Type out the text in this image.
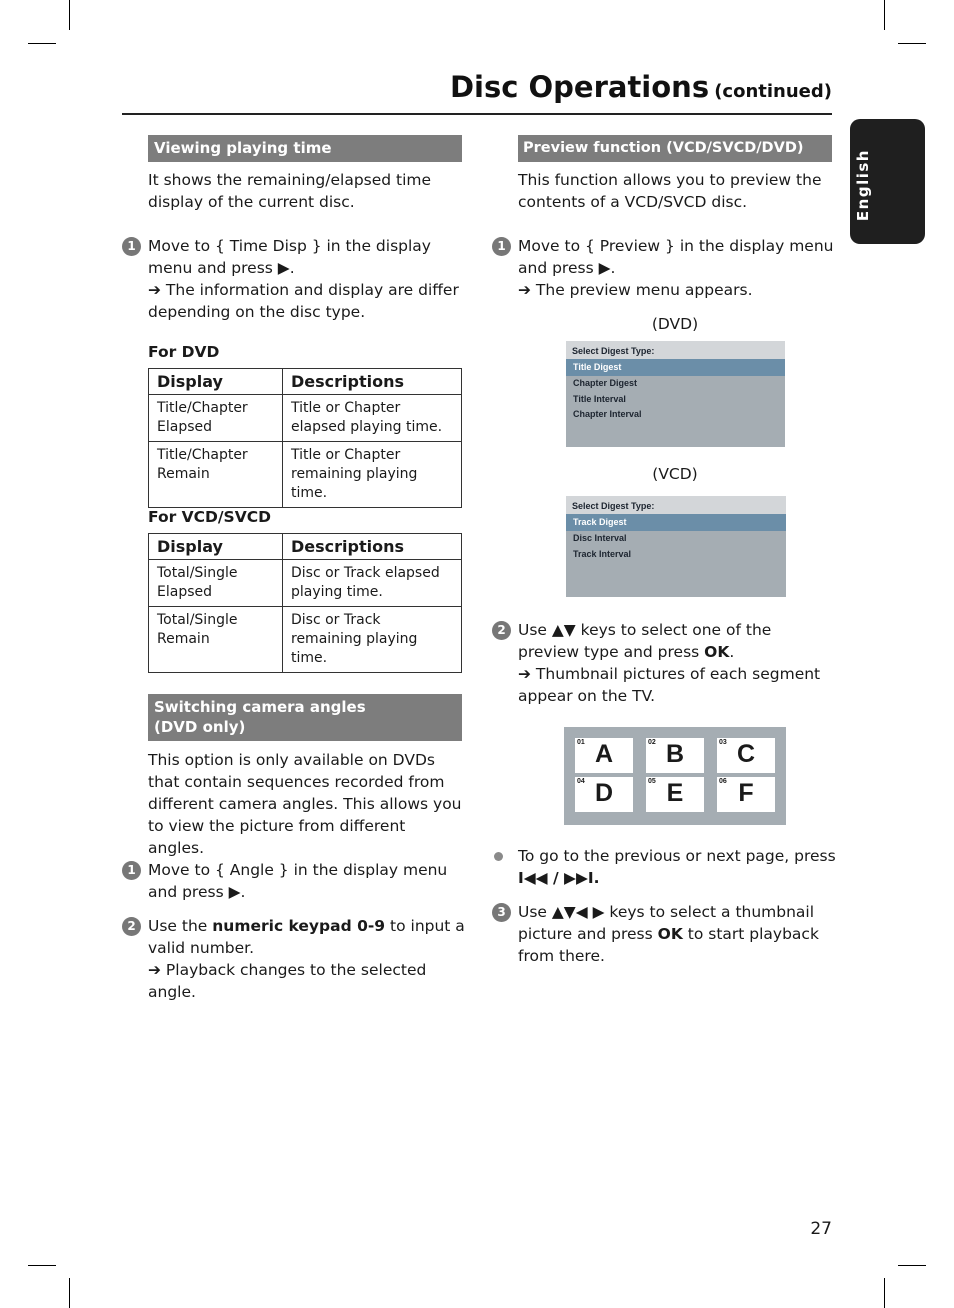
Disc Operations (continued)
English
Viewing playing time
It shows the remaining/elapsed time display of the current disc.
1 Move to { Time Disp } in the display menu and press ▶.
➔ The information and display are differ depending on the disc type.
For DVD
Display	Descriptions
Title/Chapter Elapsed	Title or Chapter elapsed playing time.
Title/Chapter Remain	Title or Chapter remaining playing time.
For VCD/SVCD
Display	Descriptions
Total/Single Elapsed	Disc or Track elapsed playing time.
Total/Single Remain	Disc or Track remaining playing time.
Switching camera angles
(DVD only)
This option is only available on DVDs that contain sequences recorded from different camera angles. This allows you to view the picture from different angles.
1 Move to { Angle } in the display menu and press ▶.
2 Use the numeric keypad 0-9 to input a valid number.
➔ Playback changes to the selected angle.
Preview function (VCD/SVCD/DVD)
This function allows you to preview the contents of a VCD/SVCD disc.
1 Move to { Preview } in the display menu and press ▶.
➔ The preview menu appears.
(DVD)
Select Digest Type:
Title Digest
Chapter Digest
Title Interval
Chapter Interval
(VCD)
Select Digest Type:
Track Digest
Disc Interval
Track Interval
2 Use ▲▼ keys to select one of the preview type and press OK.
➔ Thumbnail pictures of each segment appear on the TV.
01 A	02 B	03 C
04 D	05 E	06 F
To go to the previous or next page, press
I◀◀ / ▶▶I.
3 Use ▲▼◀ ▶ keys to select a thumbnail picture and press OK to start playback from there.
27
